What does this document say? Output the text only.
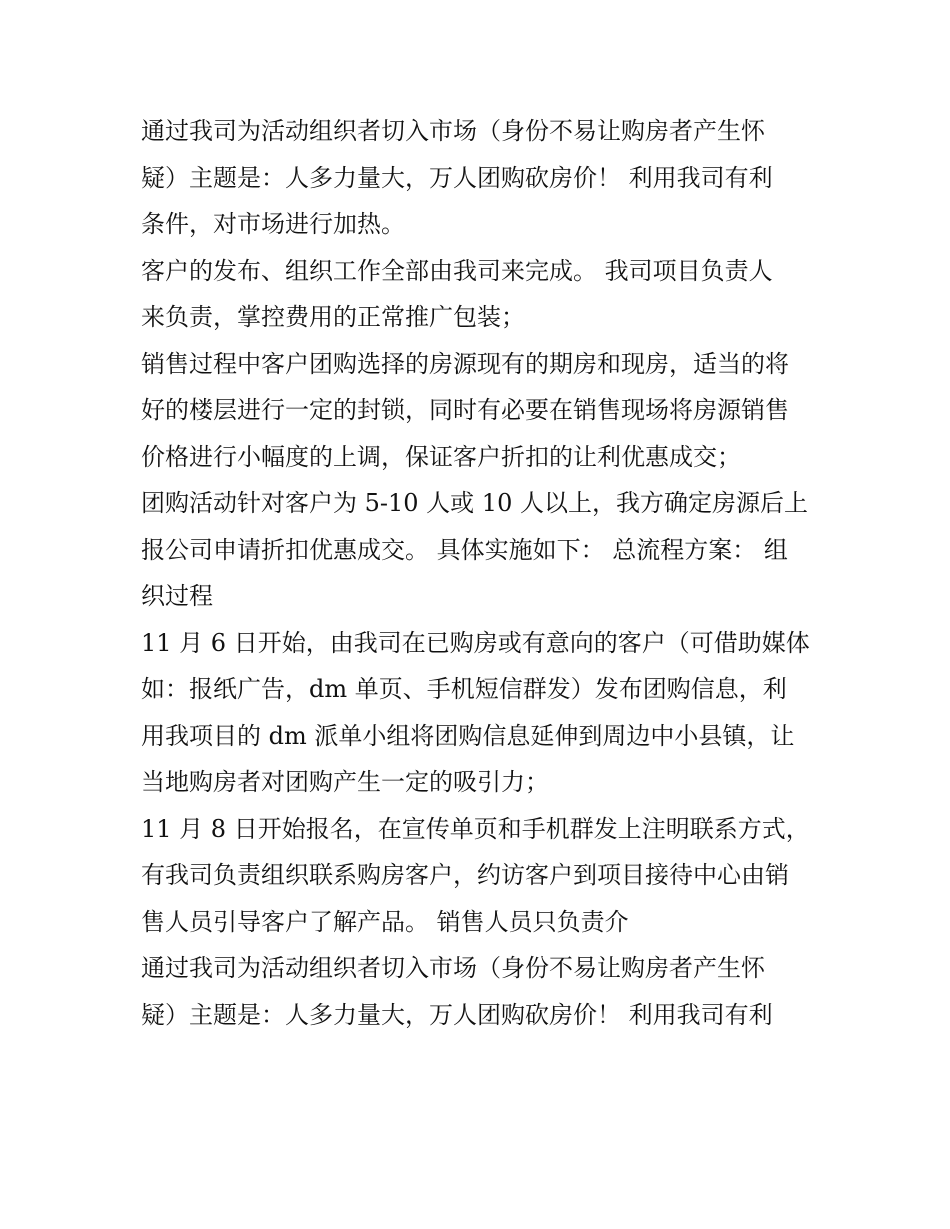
通过我司为活动组织者切入市场（身份不易让购房者产生怀
疑）主题是：人多力量大，万人团购砍房价！ 利用我司有利
条件，对市场进行加热。
客户的发布、组织工作全部由我司来完成。 我司项目负责人
来负责，掌控费用的正常推广包装；
销售过程中客户团购选择的房源现有的期房和现房，适当的将
好的楼层进行一定的封锁，同时有必要在销售现场将房源销售
价格进行小幅度的上调，保证客户折扣的让利优惠成交；
团购活动针对客户为 5-10 人或 10 人以上，我方确定房源后上
报公司申请折扣优惠成交。 具体实施如下： 总流程方案： 组
织过程
11 月 6 日开始，由我司在已购房或有意向的客户（可借助媒体
如：报纸广告，dm 单页、手机短信群发）发布团购信息，利
用我项目的 dm 派单小组将团购信息延伸到周边中小县镇，让
当地购房者对团购产生一定的吸引力；
11 月 8 日开始报名，在宣传单页和手机群发上注明联系方式，
有我司负责组织联系购房客户，约访客户到项目接待中心由销
售人员引导客户了解产品。 销售人员只负责介
通过我司为活动组织者切入市场（身份不易让购房者产生怀
疑）主题是：人多力量大，万人团购砍房价！ 利用我司有利
